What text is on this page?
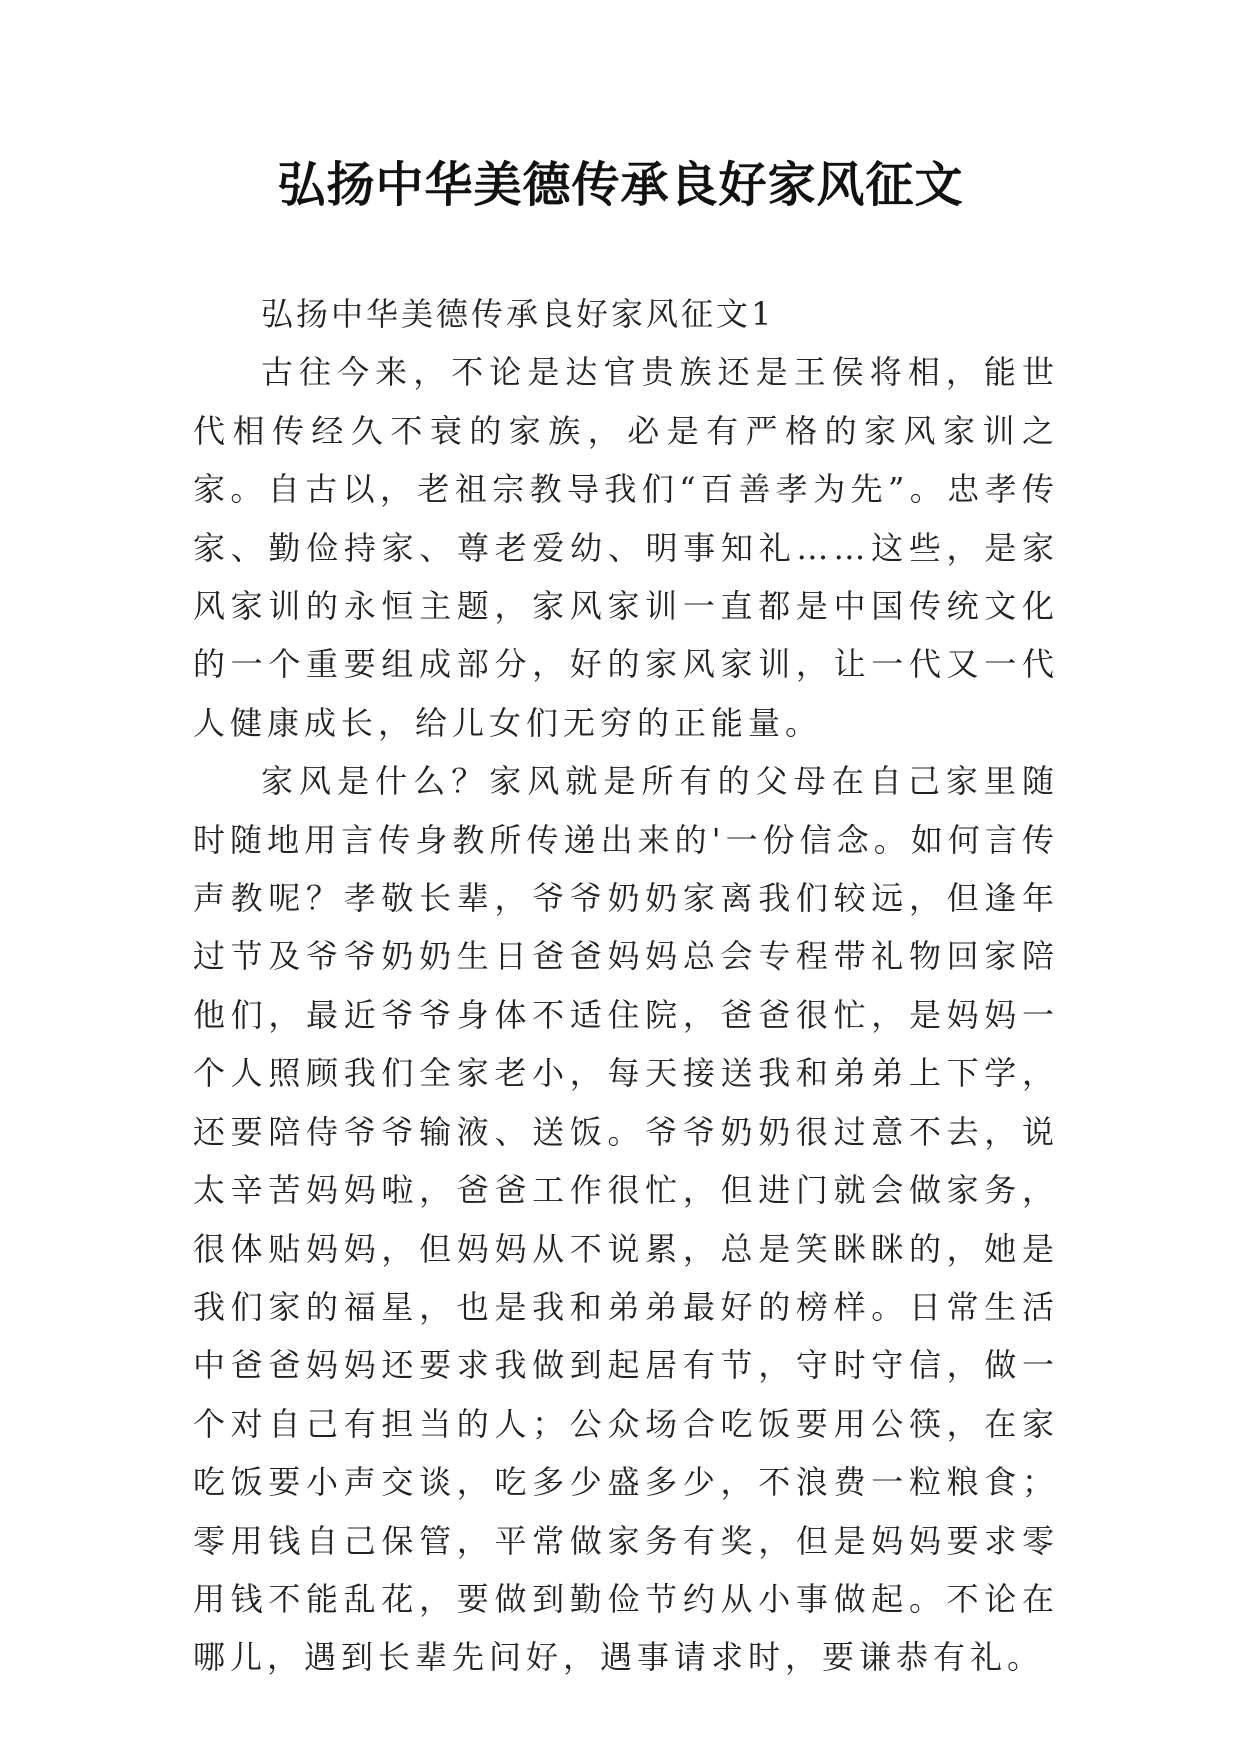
弘扬中华美德传承良好家风征文

弘扬中华美德传承良好家风征文1

古往今来，不论是达官贵族还是王侯将相，能世代相传经久不衰的家族，必是有严格的家风家训之家。自古以，老祖宗教导我们“百善孝为先”。忠孝传家、勤俭持家、尊老爱幼、明事知礼……这些，是家风家训的永恒主题，家风家训一直都是中国传统文化的一个重要组成部分，好的家风家训，让一代又一代人健康成长，给儿女们无穷的正能量。

家风是什么？家风就是所有的父母在自己家里随时随地用言传身教所传递出来的'一份信念。如何言传声教呢？孝敬长辈，爷爷奶奶家离我们较远，但逢年过节及爷爷奶奶生日爸爸妈妈总会专程带礼物回家陪他们，最近爷爷身体不适住院，爸爸很忙，是妈妈一个人照顾我们全家老小，每天接送我和弟弟上下学，还要陪侍爷爷输液、送饭。爷爷奶奶很过意不去，说太辛苦妈妈啦，爸爸工作很忙，但进门就会做家务，很体贴妈妈，但妈妈从不说累，总是笑眯眯的，她是我们家的福星，也是我和弟弟最好的榜样。日常生活中爸爸妈妈还要求我做到起居有节，守时守信，做一个对自己有担当的人；公众场合吃饭要用公筷，在家吃饭要小声交谈，吃多少盛多少，不浪费一粒粮食；零用钱自己保管，平常做家务有奖，但是妈妈要求零用钱不能乱花，要做到勤俭节约从小事做起。不论在哪儿，遇到长辈先问好，遇事请求时，要谦恭有礼。
